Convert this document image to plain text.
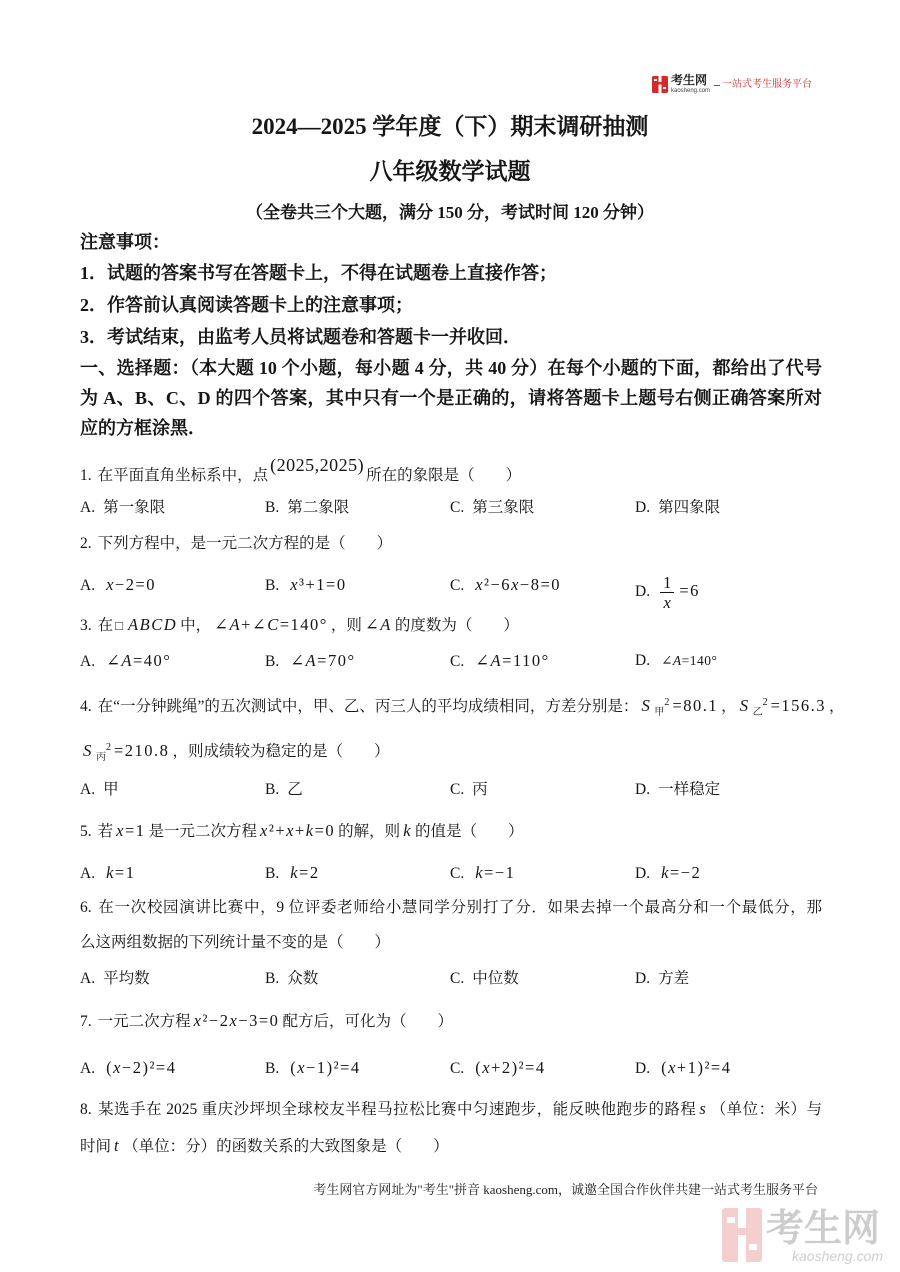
考生网
kaosheng.com
一站式考生服务平台
2024—2025 学年度（下）期末调研抽测
八年级数学试题
（全卷共三个大题，满分 150 分，考试时间 120 分钟）
注意事项：
1．试题的答案书写在答题卡上，不得在试题卷上直接作答；
2．作答前认真阅读答题卡上的注意事项；
3．考试结束，由监考人员将试题卷和答题卡一并收回．
一、选择题：（本大题 10 个小题，每小题 4 分，共 40 分）在每个小题的下面，都给出了代号
为 A、B、C、D 的四个答案，其中只有一个是正确的，请将答题卡上题号右侧正确答案所对
应的方框涂黑．
1. 在平面直角坐标系中，点(2025,2025)所在的象限是（　　）
A. 第一象限	B. 第二象限	C. 第三象限	D. 第四象限
2. 下列方程中，是一元二次方程的是（　　）
A. x−2=0	B. x³+1=0	C. x²−6x−8=0	D. $\frac{1}{x} =6$
3. 在 □ ABCD 中， ∠A+∠C=140° ，则 ∠A 的度数为（　　）
A. ∠A=40°	B. ∠A=70°	C. ∠A=110°	D. ∠A=140°
4. 在“一分钟跳绳”的五次测试中，甲、乙、丙三人的平均成绩相同，方差分别是： S $_甲^2$ =80.1 ， S $_乙^2$ =156.3 ，
S $_丙^2$ =210.8 ，则成绩较为稳定的是（　　）
A. 甲	B. 乙	C. 丙	D. 一样稳定
5. 若 x=1 是一元二次方程 x²+x+k=0 的解，则 k 的值是（　　）
A. k=1	B. k=2	C. k=−1	D. k=−2
6. 在一次校园演讲比赛中，9 位评委老师给小慧同学分别打了分．如果去掉一个最高分和一个最低分，那
么这两组数据的下列统计量不变的是（　　）
A. 平均数	B. 众数	C. 中位数	D. 方差
7. 一元二次方程 x²−2x−3=0 配方后，可化为（　　）
A. (x−2)²=4	B. (x−1)²=4	C. (x+2)²=4	D. (x+1)²=4
8. 某选手在 2025 重庆沙坪坝全球校友半程马拉松比赛中匀速跑步，能反映他跑步的路程 s （单位：米）与
时间 t （单位：分）的函数关系的大致图象是（　　）
考生网官方网址为"考生"拼音 kaosheng.com，诚邀全国合作伙伴共建一站式考生服务平台
考生网
kaosheng.com
